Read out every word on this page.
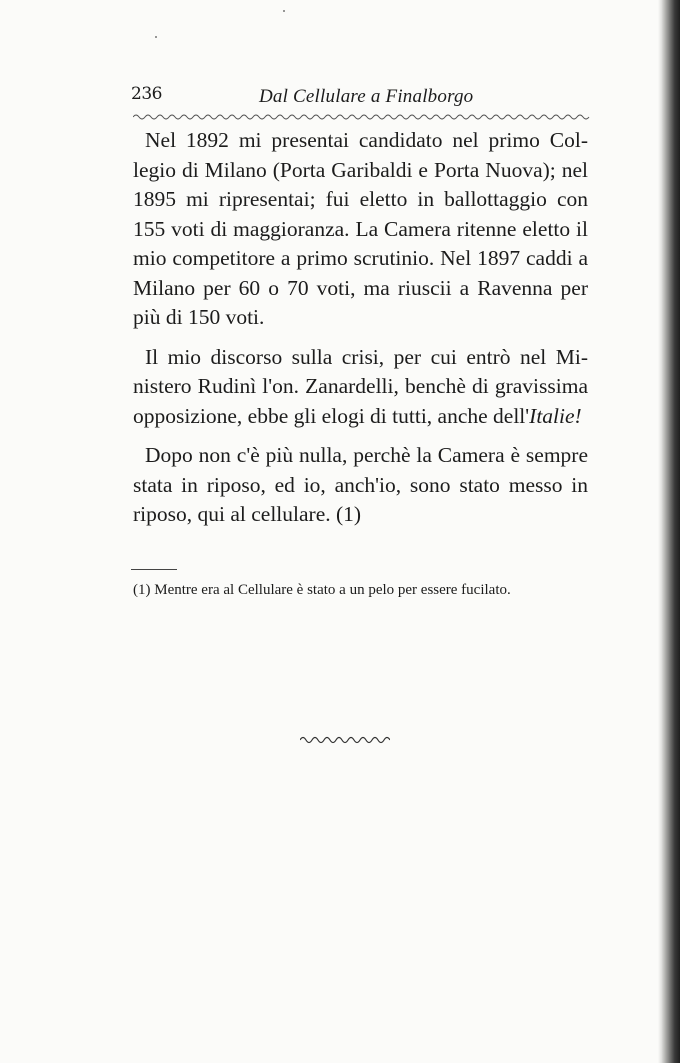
236	Dal Cellulare a Finalborgo

Nel 1892 mi presentai candidato nel primo Collegio di Milano (Porta Garibaldi e Porta Nuova); nel 1895 mi ripresentai; fui eletto in ballottaggio con 155 voti di maggioranza. La Camera ritenne eletto il mio competitore a primo scrutinio. Nel 1897 caddi a Milano per 60 o 70 voti, ma riuscii a Ravenna per più di 150 voti.

Il mio discorso sulla crisi, per cui entrò nel Ministero Rudinì l'on. Zanardelli, benchè di gravissima opposizione, ebbe gli elogi di tutti, anche dell'Italie!

Dopo non c'è più nulla, perchè la Camera è sempre stata in riposo, ed io, anch'io, sono stato messo in riposo, qui al cellulare. (1)

(1) Mentre era al Cellulare è stato a un pelo per essere fucilato.
